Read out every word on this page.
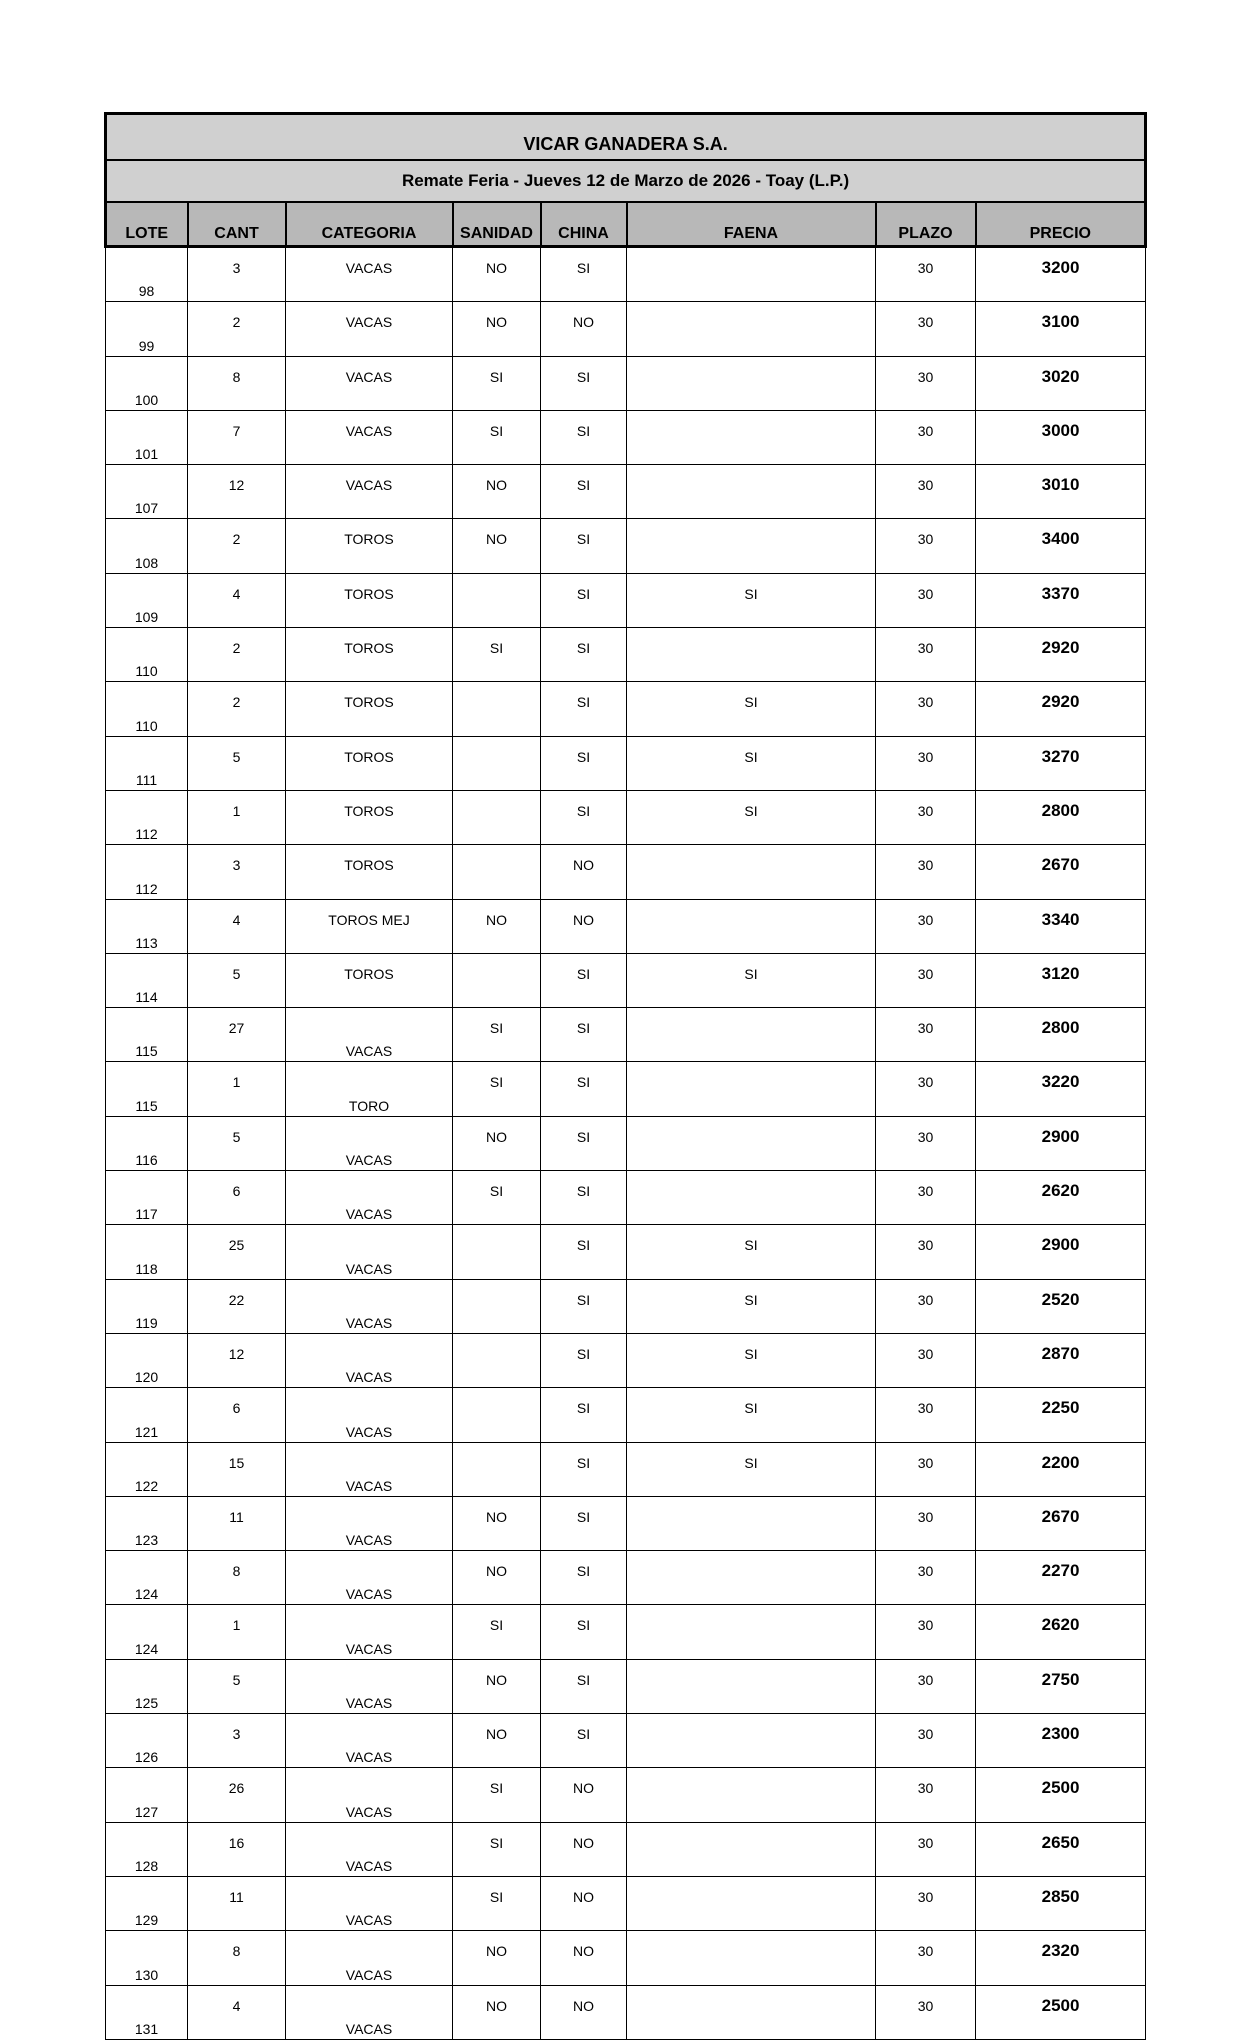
VICAR GANADERA S.A.							
Remate Feria - Jueves 12 de Marzo de 2026 - Toay (L.P.)							
LOTE	CANT	CATEGORIA	SANIDAD	CHINA	FAENA	PLAZO	PRECIO
98	3	VACAS	NO	SI		30	3200
99	2	VACAS	NO	NO		30	3100
100	8	VACAS	SI	SI		30	3020
101	7	VACAS	SI	SI		30	3000
107	12	VACAS	NO	SI		30	3010
108	2	TOROS	NO	SI		30	3400
109	4	TOROS		SI	SI	30	3370
110	2	TOROS	SI	SI		30	2920
110	2	TOROS		SI	SI	30	2920
111	5	TOROS		SI	SI	30	3270
112	1	TOROS		SI	SI	30	2800
112	3	TOROS		NO		30	2670
113	4	TOROS MEJ	NO	NO		30	3340
114	5	TOROS		SI	SI	30	3120
115	27	VACAS	SI	SI		30	2800
115	1	TORO	SI	SI		30	3220
116	5	VACAS	NO	SI		30	2900
117	6	VACAS	SI	SI		30	2620
118	25	VACAS		SI	SI	30	2900
119	22	VACAS		SI	SI	30	2520
120	12	VACAS		SI	SI	30	2870
121	6	VACAS		SI	SI	30	2250
122	15	VACAS		SI	SI	30	2200
123	11	VACAS	NO	SI		30	2670
124	8	VACAS	NO	SI		30	2270
124	1	VACAS	SI	SI		30	2620
125	5	VACAS	NO	SI		30	2750
126	3	VACAS	NO	SI		30	2300
127	26	VACAS	SI	NO		30	2500
128	16	VACAS	SI	NO		30	2650
129	11	VACAS	SI	NO		30	2850
130	8	VACAS	NO	NO		30	2320
131	4	VACAS	NO	NO		30	2500
